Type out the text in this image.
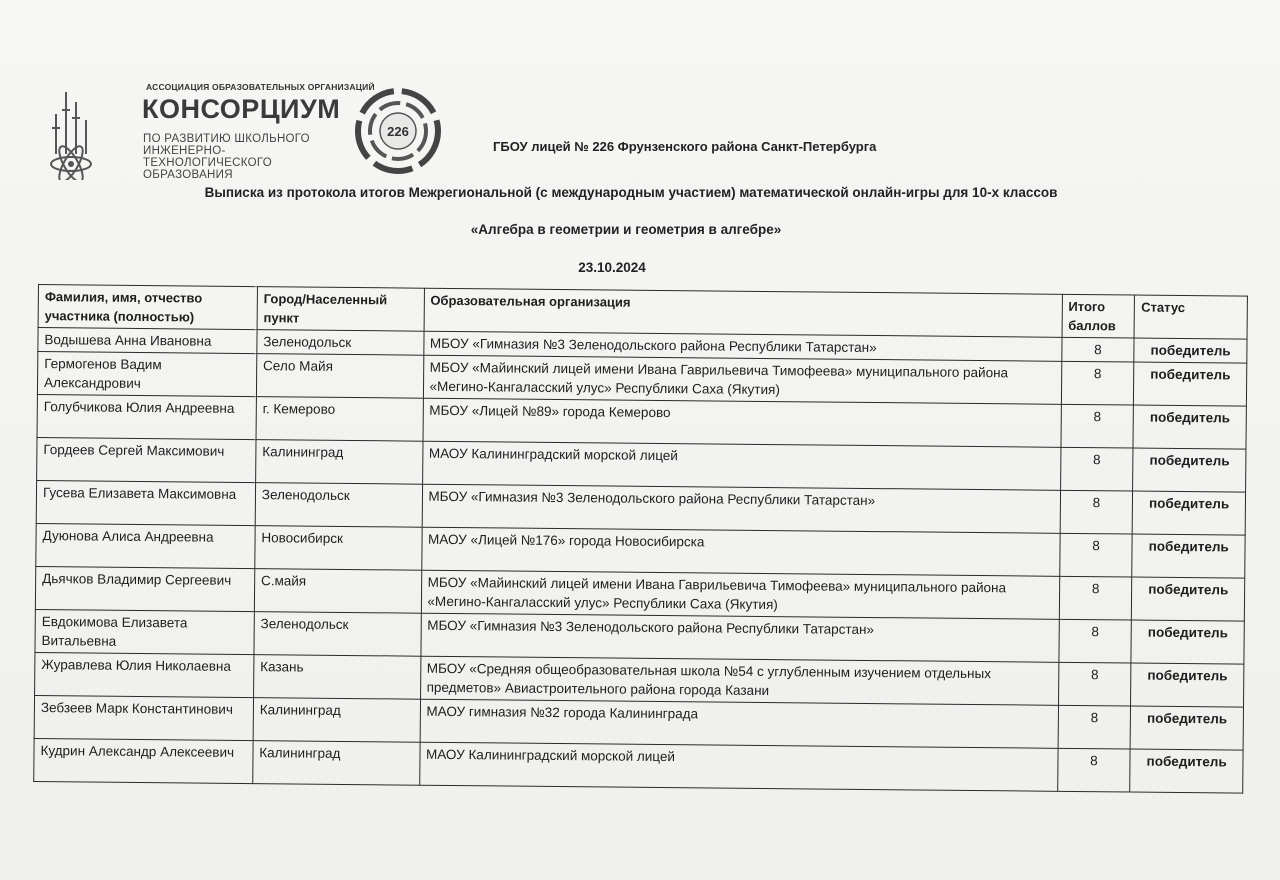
АССОЦИАЦИЯ ОБРАЗОВАТЕЛЬНЫХ ОРГАНИЗАЦИЙ
КОНСОРЦИУМ
ПО РАЗВИТИЮ ШКОЛЬНОГО
ИНЖЕНЕРНО-ТЕХНОЛОГИЧЕСКОГО
ОБРАЗОВАНИЯ
226
ГБОУ лицей № 226 Фрунзенского района Санкт-Петербурга
Выписка из протокола итогов Межрегиональной (с международным участием) математической онлайн-игры для 10-х классов
«Алгебра в геометрии и геометрия в алгебре»
23.10.2024
Фамилия, имя, отчество участника (полностью)	Город/Населенный пункт	Образовательная организация	Итого баллов	Статус
Водышева Анна Ивановна	Зеленодольск	МБОУ «Гимназия №3 Зеленодольского района Республики Татарстан»	8	победитель
Гермогенов Вадим Александрович	Село Майя	МБОУ «Майинский лицей имени Ивана Гаврильевича Тимофеева» муниципального района «Мегино-Кангаласский улус» Республики Саха (Якутия)	8	победитель
Голубчикова Юлия Андреевна	г. Кемерово	МБОУ «Лицей №89» города Кемерово	8	победитель
Гордеев Сергей Максимович	Калининград	МАОУ Калининградский морской лицей	8	победитель
Гусева Елизавета Максимовна	Зеленодольск	МБОУ «Гимназия №3 Зеленодольского района Республики Татарстан»	8	победитель
Дуюнова Алиса Андреевна	Новосибирск	МАОУ «Лицей №176» города Новосибирска	8	победитель
Дьячков Владимир Сергеевич	С.майя	МБОУ «Майинский лицей имени Ивана Гаврильевича Тимофеева» муниципального района «Мегино-Кангаласский улус» Республики Саха (Якутия)	8	победитель
Евдокимова Елизавета Витальевна	Зеленодольск	МБОУ «Гимназия №3 Зеленодольского района Республики Татарстан»	8	победитель
Журавлева Юлия Николаевна	Казань	МБОУ «Средняя общеобразовательная школа №54 с углубленным изучением отдельных предметов» Авиастроительного района города Казани	8	победитель
Зебзеев Марк Константинович	Калининград	МАОУ гимназия №32 города Калининграда	8	победитель
Кудрин Александр Алексеевич	Калининград	МАОУ Калининградский морской лицей	8	победитель
